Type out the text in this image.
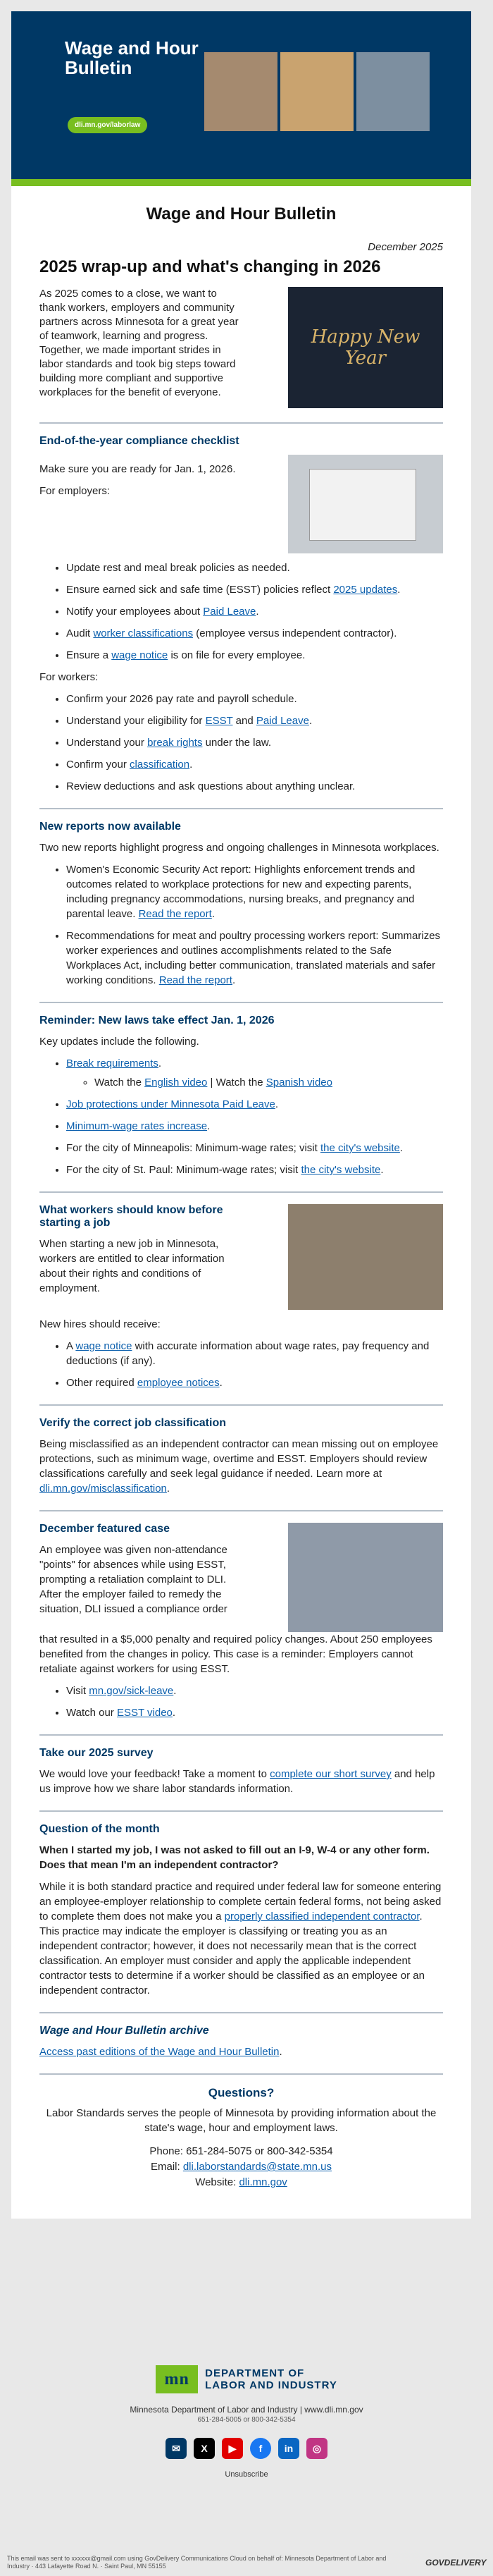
Wage and Hour Bulletin
dli.mn.gov/laborlaw
Wage and Hour Bulletin
December 2025
2025 wrap-up and what's changing in 2026

As 2025 comes to a close, we want to thank workers, employers and community partners across Minnesota for a great year of teamwork, learning and progress. Together, we made important strides in labor standards and took big steps toward building more compliant and supportive workplaces for the benefit of everyone.

Happy New Year
End-of-the-year compliance checklist

Make sure you are ready for Jan. 1, 2026.

For employers:

• Update rest and meal break policies as needed.
• Ensure earned sick and safe time (ESST) policies reflect 2025 updates.
• Notify your employees about Paid Leave.
• Audit worker classifications (employee versus independent contractor).
• Ensure a wage notice is on file for every employee.

For workers:

• Confirm your 2026 pay rate and payroll schedule.
• Understand your eligibility for ESST and Paid Leave.
• Understand your break rights under the law.
• Confirm your classification.
• Review deductions and ask questions about anything unclear.
New reports now available

Two new reports highlight progress and ongoing challenges in Minnesota workplaces.

• Women's Economic Security Act report: Highlights enforcement trends and outcomes related to workplace protections for new and expecting parents, including pregnancy accommodations, nursing breaks, and pregnancy and parental leave. Read the report.
• Recommendations for meat and poultry processing workers report: Summarizes worker experiences and outlines accomplishments related to the Safe Workplaces Act, including better communication, translated materials and safer working conditions. Read the report.
Reminder: New laws take effect Jan. 1, 2026

Key updates include the following.

• Break requirements.
◦ Watch the English video | Watch the Spanish video
• Job protections under Minnesota Paid Leave.
• Minimum-wage rates increase.
• For the city of Minneapolis: Minimum-wage rates; visit the city's website.
• For the city of St. Paul: Minimum-wage rates; visit the city's website.
What workers should know before starting a job

When starting a new job in Minnesota, workers are entitled to clear information about their rights and conditions of employment.

New hires should receive:

• A wage notice with accurate information about wage rates, pay frequency and deductions (if any).
• Other required employee notices.
Verify the correct job classification

Being misclassified as an independent contractor can mean missing out on employee protections, such as minimum wage, overtime and ESST. Employers should review classifications carefully and seek legal guidance if needed. Learn more at dli.mn.gov/misclassification.

December featured case

An employee was given non-attendance "points" for absences while using ESST, prompting a retaliation complaint to DLI. After the employer failed to remedy the situation, DLI issued a compliance order

that resulted in a $5,000 penalty and required policy changes. About 250 employees benefited from the changes in policy. This case is a reminder: Employers cannot retaliate against workers for using ESST.

• Visit mn.gov/sick-leave.
• Watch our ESST video.
Take our 2025 survey

We would love your feedback! Take a moment to complete our short survey and help us improve how we share labor standards information.

Question of the month

When I started my job, I was not asked to fill out an I-9, W-4 or any other form. Does that mean I'm an independent contractor?

While it is both standard practice and required under federal law for someone entering an employee-employer relationship to complete certain federal forms, not being asked to complete them does not make you a properly classified independent contractor. This practice may indicate the employer is classifying or treating you as an independent contractor; however, it does not necessarily mean that is the correct classification. An employer must consider and apply the applicable independent contractor tests to determine if a worker should be classified as an employee or an independent contractor.

Wage and Hour Bulletin archive

Access past editions of the Wage and Hour Bulletin.

Questions?

Labor Standards serves the people of Minnesota by providing information about the state's wage, hour and employment laws.

Phone: 651-284-5075 or 800-342-5354
Email: dli.laborstandards@state.mn.us
Website: dli.mn.gov
mn	DEPARTMENT OF
LABOR AND INDUSTRY
Minnesota Department of Labor and Industry | www.dli.mn.gov
651-284-5005 or 800-342-5354
✉	X	▶	f	in	◎
Unsubscribe
This email was sent to xxxxxx@gmail.com using GovDelivery Communications Cloud on behalf of: Minnesota Department of Labor and Industry · 443 Lafayette Road N. · Saint Paul, MN 55155	GOVDELIVERY
